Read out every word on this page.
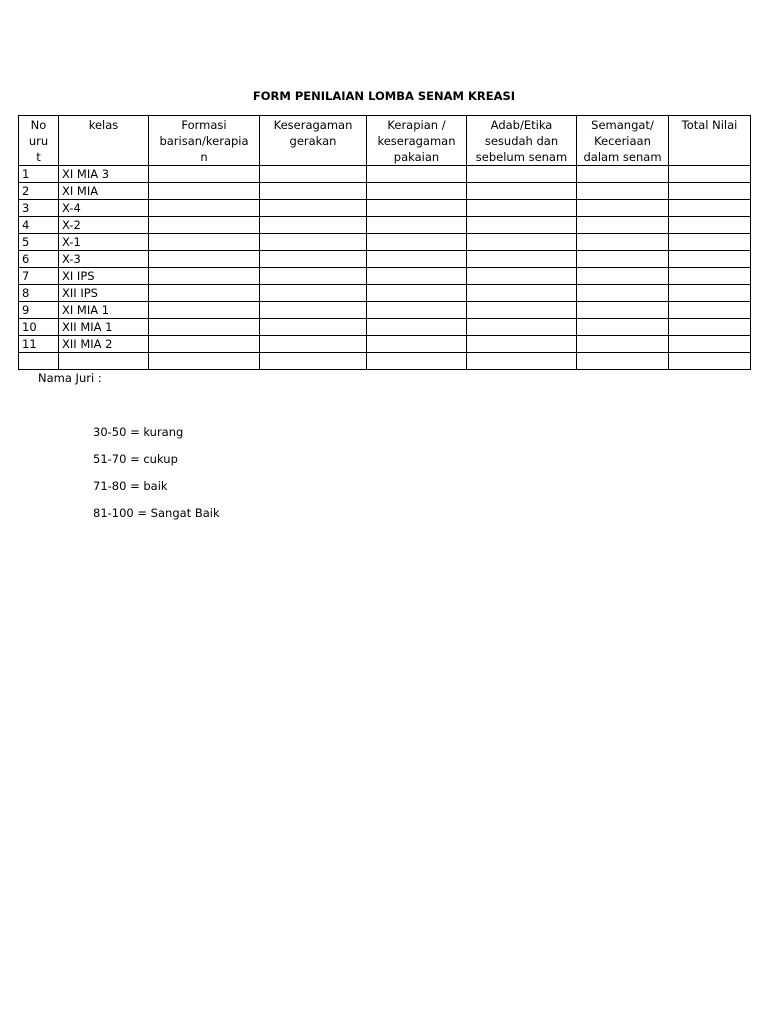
FORM PENILAIAN LOMBA SENAM KREASI
No
uru
t	kelas	Formasi
barisan/kerapia
n	Keseragaman
gerakan	Kerapian /
keseragaman
pakaian	Adab/Etika
sesudah dan
sebelum senam	Semangat/
Keceriaan
dalam senam	Total Nilai

1	XI MIA 3						
2	XI MIA						
3	X-4						
4	X-2						
5	X-1						
6	X-3						
7	XI IPS						
8	XII IPS						
9	XI MIA 1						
10	XII MIA 1						
11	XII MIA 2						

Nama Juri :
30-50 = kurang
51-70 = cukup
71-80 = baik
81-100 = Sangat Baik
